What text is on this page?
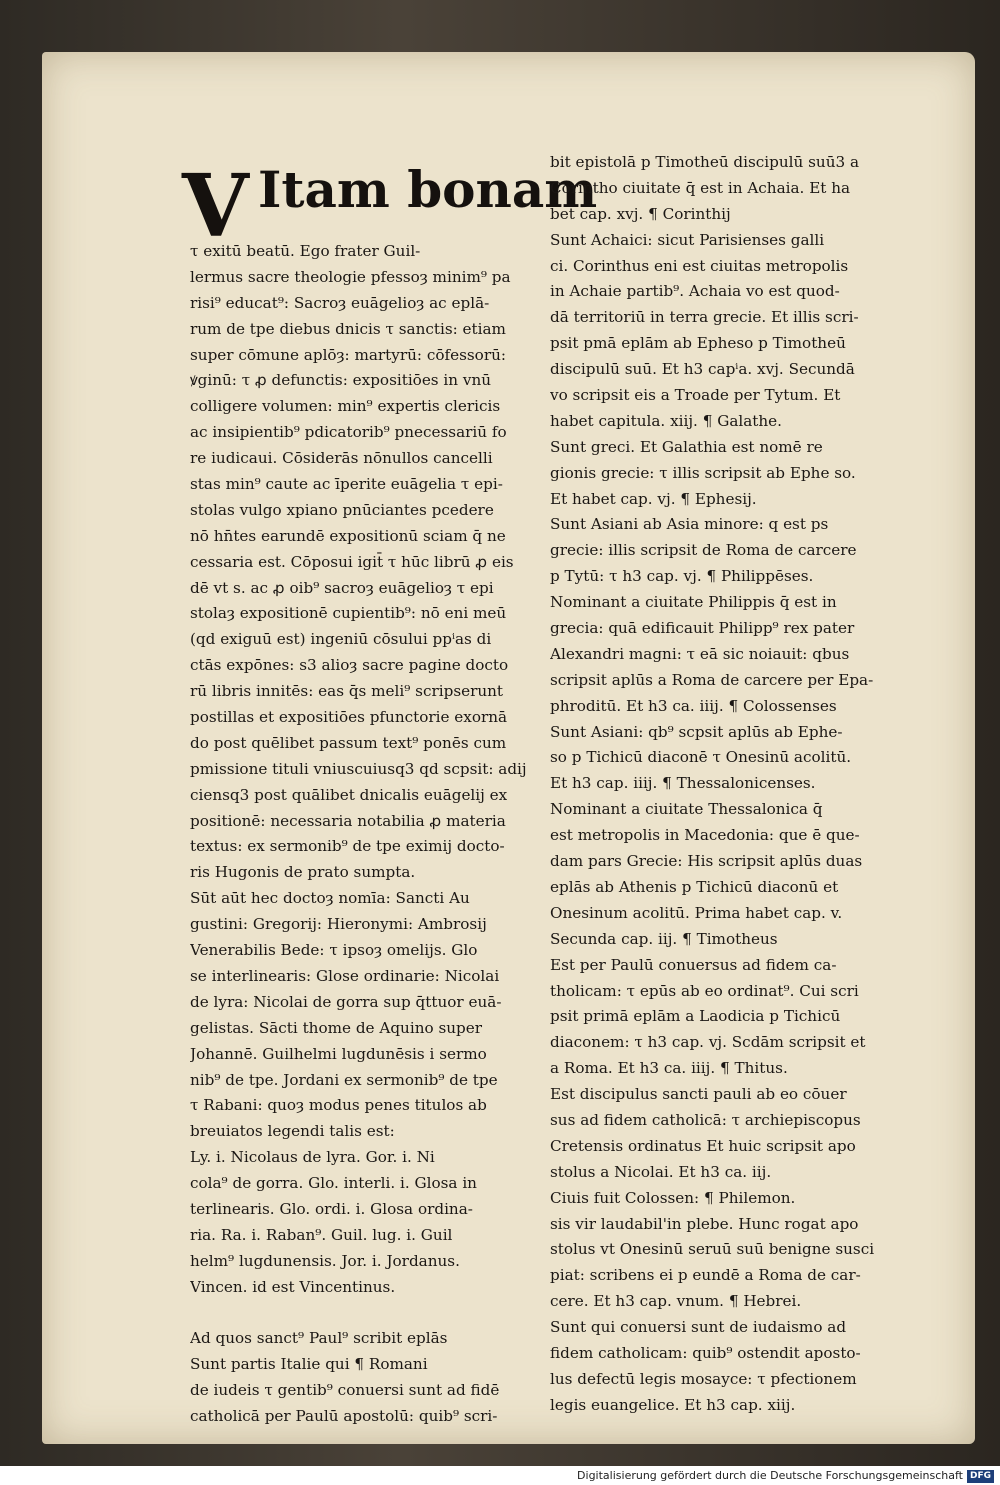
V Itam bonam
τ exitū beatū. Ego frater Guil-
lermus sacre theologie pfessoȝ minim⁹ pa
risi⁹ educat⁹: Sacroȝ euāgelioȝ ac eplā-
rum de tpe diebus dnicis τ sanctis: etiam
super cōmune aplōȝ: martyrū: cōfessorū:
ꝟginū: τ ꝓ defunctis: expositiōes in vnū
colligere volumen: min⁹ expertis clericis
ac insipientib⁹ pdicatorib⁹ pnecessariū fo
re iudicaui. Cōsiderās nōnullos cancelli
stas min⁹ caute ac īperite euāgelia τ epi-
stolas vulgo xpiano pnūciantes pcedere
nō hn̄tes earundē expositionū sciam q̄ ne
cessaria est. Cōposui igit̄ τ hūc librū ꝓ eis
dē vt s. ac ꝓ oib⁹ sacroȝ euāgelioȝ τ epi
stolaȝ expositionē cupientib⁹: nō eni meū
(qd exiguū est) ingeniū cōsului ppⁱas di
ctās expōnes: s3 alioȝ sacre pagine docto
rū libris innitēs: eas q̄s meli⁹ scripserunt
postillas et expositiōes pfunctorie exornā
do post quēlibet passum text⁹ ponēs cum
pmissione tituli vniuscuiusq3 qd scpsit: adij
ciensq3 post quālibet dnicalis euāgelij ex
positionē: necessaria notabilia ꝓ materia
textus: ex sermonib⁹ de tpe eximij docto-
ris Hugonis de prato sumpta.
Sūt aūt hec doctoȝ nomīa: Sancti Au
gustini: Gregorij: Hieronymi: Ambrosij
Venerabilis Bede: τ ipsoȝ omelijs. Glo
se interlinearis: Glose ordinarie: Nicolai
de lyra: Nicolai de gorra sup q̄ttuor euā-
gelistas. Sācti thome de Aquino super
Johannē. Guilhelmi lugdunēsis i sermo
nib⁹ de tpe. Jordani ex sermonib⁹ de tpe
τ Rabani: quoȝ modus penes titulos ab
breuiatos legendi talis est:
Ly. i. Nicolaus de lyra. Gor. i. Ni
cola⁹ de gorra. Glo. interli. i. Glosa in
terlinearis. Glo. ordi. i. Glosa ordina-
ria. Ra. i. Raban⁹. Guil. lug. i. Guil
helm⁹ lugdunensis. Jor. i. Jordanus.
Vincen. id est Vincentinus.
Ad quos sanct⁹ Paul⁹ scribit eplās
Sunt partis Italie qui ¶ Romani
de iudeis τ gentib⁹ conuersi sunt ad fidē
catholicā per Paulū apostolū: quib⁹ scri-
bit epistolā p Timotheū discipulū suū3 a
Corintho ciuitate q̄ est in Achaia. Et ha
bet cap. xvj. ¶ Corinthij
Sunt Achaici: sicut Parisienses galli
ci. Corinthus eni est ciuitas metropolis
in Achaie partib⁹. Achaia vo est quod-
dā territoriū in terra grecie. Et illis scri-
psit pmā eplām ab Epheso p Timotheū
discipulū suū. Et h3 capⁱa. xvj. Secundā
vo scripsit eis a Troade per Tytum. Et
habet capitula. xiij. ¶ Galathe.
Sunt greci. Et Galathia est nomē re
gionis grecie: τ illis scripsit ab Ephe so.
Et habet cap. vj. ¶ Ephesij.
Sunt Asiani ab Asia minore: q est ps
grecie: illis scripsit de Roma de carcere
p Tytū: τ h3 cap. vj. ¶ Philippēses.
Nominant a ciuitate Philippis q̄ est in
grecia: quā edificauit Philipp⁹ rex pater
Alexandri magni: τ eā sic noiauit: qbus
scripsit aplūs a Roma de carcere per Epa-
phroditū. Et h3 ca. iiij. ¶ Colossenses
Sunt Asiani: qb⁹ scpsit aplūs ab Ephe-
so p Tichicū diaconē τ Onesinū acolitū.
Et h3 cap. iiij. ¶ Thessalonicenses.
Nominant a ciuitate Thessalonica q̄
est metropolis in Macedonia: que ē que-
dam pars Grecie: His scripsit aplūs duas
eplās ab Athenis p Tichicū diaconū et
Onesinum acolitū. Prima habet cap. v.
Secunda cap. iij. ¶ Timotheus
Est per Paulū conuersus ad fidem ca-
tholicam: τ epūs ab eo ordinat⁹. Cui scri
psit primā eplām a Laodicia p Tichicū
diaconem: τ h3 cap. vj. Scdām scripsit et
a Roma. Et h3 ca. iiij. ¶ Thitus.
Est discipulus sancti pauli ab eo cōuer
sus ad fidem catholicā: τ archiepiscopus
Cretensis ordinatus Et huic scripsit apo
stolus a Nicolai. Et h3 ca. iij.
Ciuis fuit Colossen: ¶ Philemon.
sis vir laudabil'in plebe. Hunc rogat apo
stolus vt Onesinū seruū suū benigne susci
piat: scribens ei p eundē a Roma de car-
cere. Et h3 cap. vnum. ¶ Hebrei.
Sunt qui conuersi sunt de iudaismo ad
fidem catholicam: quib⁹ ostendit aposto-
lus defectū legis mosayce: τ pfectionem
legis euangelice. Et h3 cap. xiij.
Digitalisierung gefördert durch die Deutsche Forschungsgemeinschaft DFG
